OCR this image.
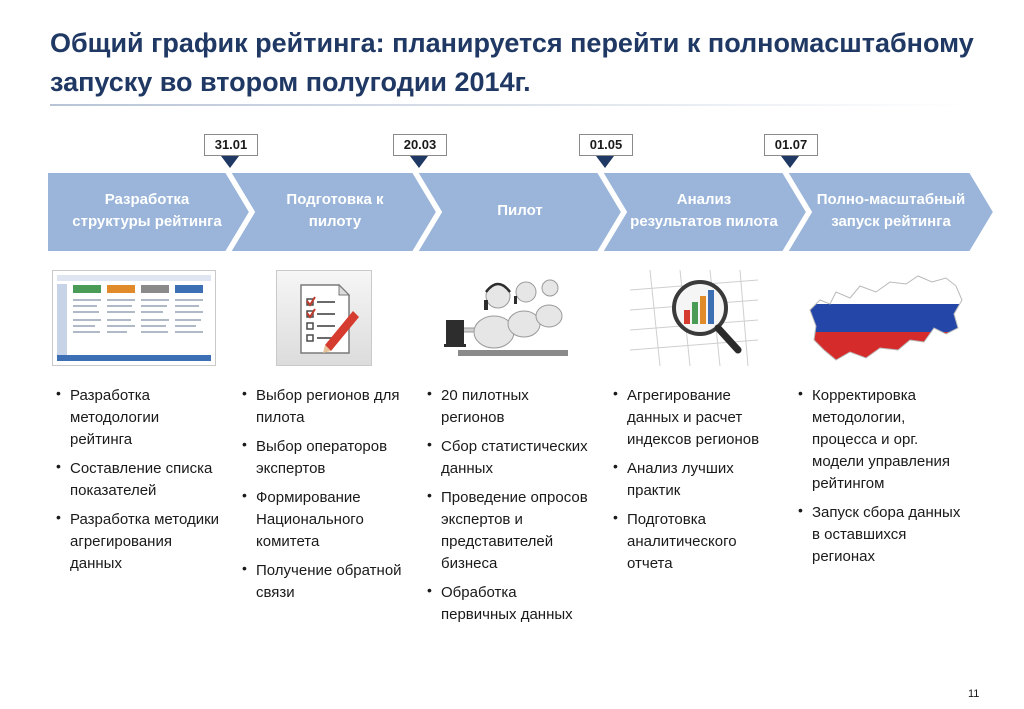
Общий график рейтинга: планируется перейти к полномасштабному запуску во втором полугодии 2014г.
31.01	20.03	01.05	01.07
Разработка структуры рейтинга
Подготовка к пилоту
Пилот
Анализ результатов пилота
Полно-масштабный запуск рейтинга
• Разработка методологии рейтинга
• Составление списка показателей
• Разработка методики агрегирования данных
• Выбор регионов для пилота
• Выбор операторов экспертов
• Формирование Национального комитета
• Получение обратной связи
• 20 пилотных регионов
• Сбор статистических данных
• Проведение опросов экспертов и представителей бизнеса
• Обработка первичных данных
• Агрегирование данных и расчет индексов регионов
• Анализ лучших практик
• Подготовка аналитического отчета
• Корректировка методологии, процесса и орг. модели управления рейтингом
• Запуск сбора данных в оставшихся регионах
11
